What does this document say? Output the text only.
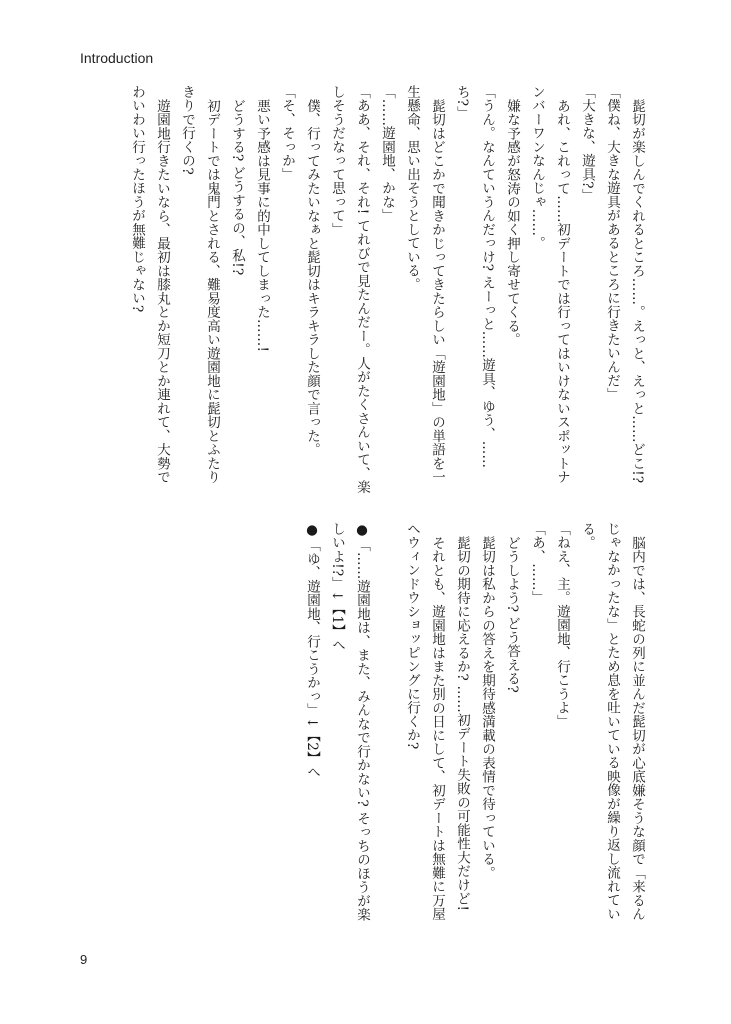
Introduction
髭切が楽しんでくれるところ……。えっと、えっと……どこ!?
「僕ね、大きな遊具があるところに行きたいんだ」
「大きな、遊具?」
あれ、これって……初デートでは行ってはいけないスポットナンバーワンなんじゃ……。
嫌な予感が怒涛の如く押し寄せてくる。
「うん。なんていうんだっけ? えーっと……遊具、ゆう、……ち?」
髭切はどこかで聞きかじってきたらしい「遊園地」の単語を一生懸命、思い出そうとしている。
「……遊園地、かな」
「ああ、それ、それ! てれびで見たんだー。人がたくさんいて、楽しそうだなって思って」
僕、行ってみたいなぁと髭切はキラキラした顔で言った。
「そ、そっか」
悪い予感は見事に的中してしまった……!
どうする? どうするの、私!?
初デートでは鬼門とされる、難易度高い遊園地に髭切とふたりきりで行くの?
遊園地行きたいなら、最初は膝丸とか短刀とか連れて、大勢でわいわい行ったほうが無難じゃない?
脳内では、長蛇の列に並んだ髭切が心底嫌そうな顔で「来るんじゃなかったな」とため息を吐いている映像が繰り返し流れている。
「ねえ、主。遊園地、行こうよ」
「あ、……」
どうしよう? どう答える?
髭切は私からの答えを期待感満載の表情で待っている。
髭切の期待に応えるか? ……初デート失敗の可能性大だけど!
それとも、遊園地はまた別の日にして、初デートは無難に万屋へウィンドウショッピングに行くか?
●「……遊園地は、また、みんなで行かない? そっちのほうが楽しいよ!?」↓【1】へ
●「ゆ、遊園地、行こうかっ」↓【2】へ
9
